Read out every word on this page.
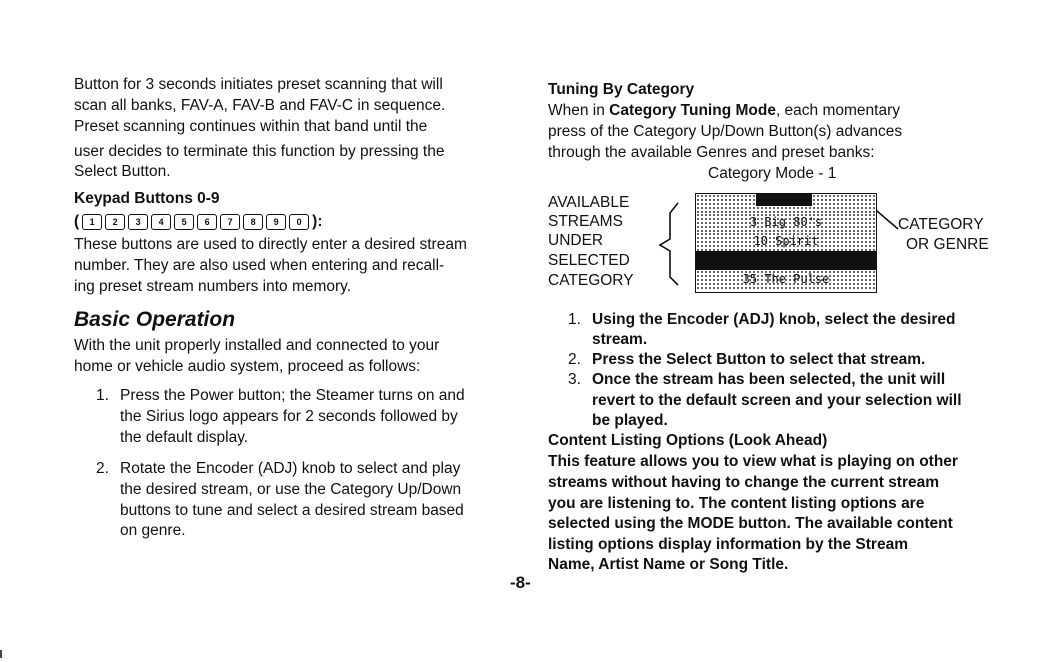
Button for 3 seconds initiates preset scanning that will
scan all banks, FAV-A, FAV-B and FAV-C in sequence.
Preset scanning continues within that band until the
user decides to terminate this function by pressing the
Select Button.
Keypad Buttons 0-9
(	1	2	3	4	5	6	7	8	9	0 ):
These buttons are used to directly enter a desired stream
number. They are also used when entering and recall-
ing preset stream numbers into memory.
Basic Operation
With the unit properly installed and connected to your
home or vehicle audio system, proceed as follows:
1. Press the Power button; the Steamer turns on and
the Sirius logo appears for 2 seconds followed by
the default display.
2. Rotate the Encoder (ADJ) knob to select and play
the desired stream, or use the Category Up/Down
buttons to tune and select a desired stream based
on genre.
Tuning By Category
When in Category Tuning Mode, each momentary
press of the Category Up/Down Button(s) advances
through the available Genres and preset banks:
Category Mode - 1
AVAILABLE
STREAMS
UNDER
SELECTED
CATEGORY
3 Big 80's
10 Spirit
35 The Pulse
CATEGORY
OR GENRE
1. Using the Encoder (ADJ) knob, select the desired
stream.
2. Press the Select Button to select that stream.
3. Once the stream has been selected, the unit will
revert to the default screen and your selection will
be played.
Content Listing Options (Look Ahead)
This feature allows you to view what is playing on other
streams without having to change the current stream
you are listening to. The content listing options are
selected using the MODE button. The available content
listing options display information by the Stream
Name, Artist Name or Song Title.
-8-
